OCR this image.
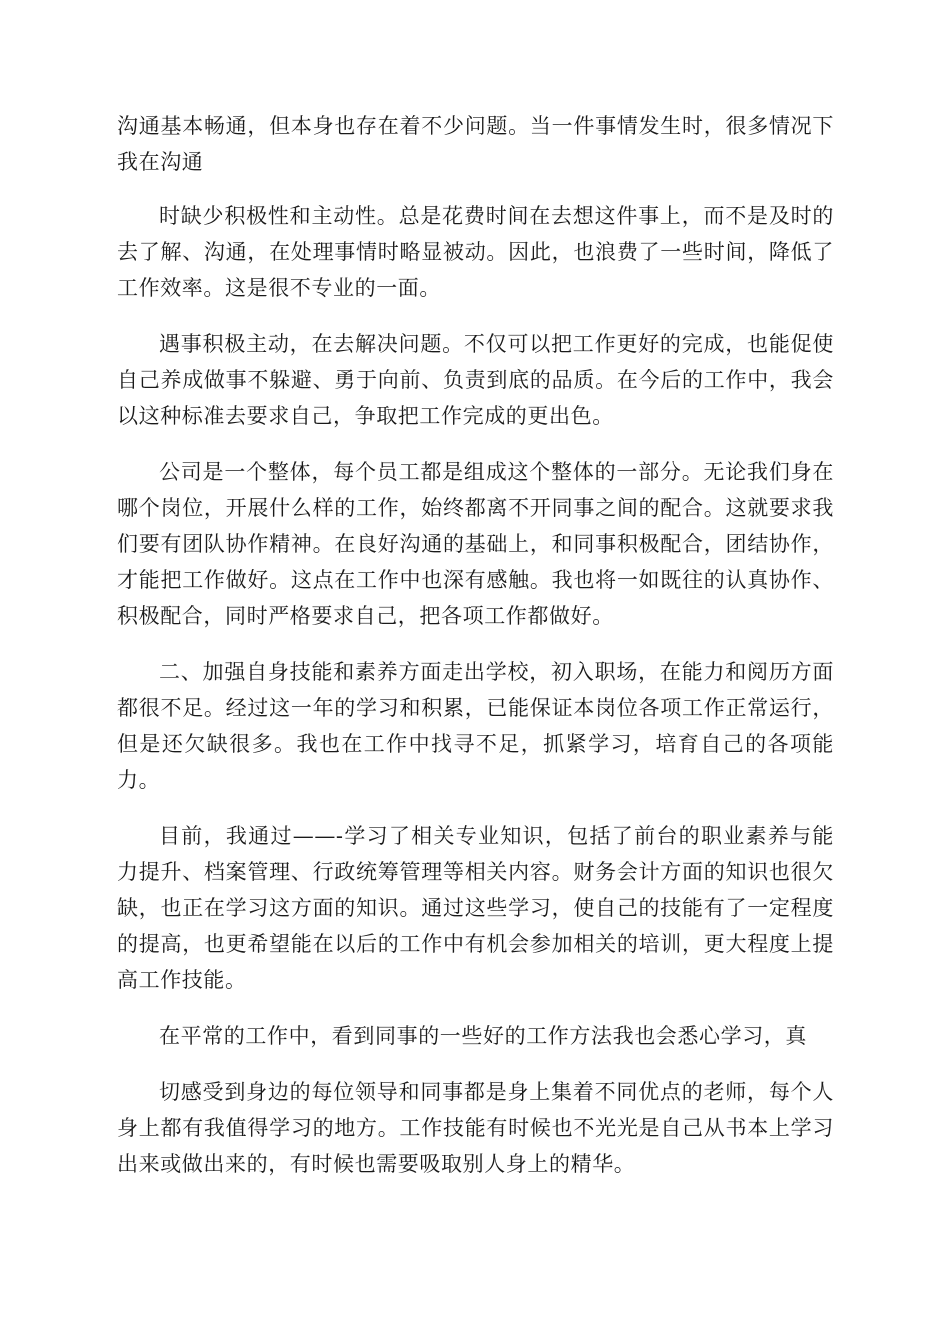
沟通基本畅通，但本身也存在着不少问题。当一件事情发生时，很多情况下我在沟通

时缺少积极性和主动性。总是花费时间在去想这件事上，而不是及时的去了解、沟通，在处理事情时略显被动。因此，也浪费了一些时间，降低了工作效率。这是很不专业的一面。

遇事积极主动，在去解决问题。不仅可以把工作更好的完成，也能促使自己养成做事不躲避、勇于向前、负责到底的品质。在今后的工作中，我会以这种标准去要求自己，争取把工作完成的更出色。

公司是一个整体，每个员工都是组成这个整体的一部分。无论我们身在哪个岗位，开展什么样的工作，始终都离不开同事之间的配合。这就要求我们要有团队协作精神。在良好沟通的基础上，和同事积极配合，团结协作，才能把工作做好。这点在工作中也深有感触。我也将一如既往的认真协作、积极配合，同时严格要求自己，把各项工作都做好。

二、加强自身技能和素养方面走出学校，初入职场，在能力和阅历方面都很不足。经过这一年的学习和积累，已能保证本岗位各项工作正常运行，但是还欠缺很多。我也在工作中找寻不足，抓紧学习，培育自己的各项能力。

目前，我通过——-学习了相关专业知识，包括了前台的职业素养与能力提升、档案管理、行政统筹管理等相关内容。财务会计方面的知识也很欠缺，也正在学习这方面的知识。通过这些学习，使自己的技能有了一定程度的提高，也更希望能在以后的工作中有机会参加相关的培训，更大程度上提高工作技能。

在平常的工作中，看到同事的一些好的工作方法我也会悉心学习，真

切感受到身边的每位领导和同事都是身上集着不同优点的老师，每个人身上都有我值得学习的地方。工作技能有时候也不光光是自己从书本上学习出来或做出来的，有时候也需要吸取别人身上的精华。
